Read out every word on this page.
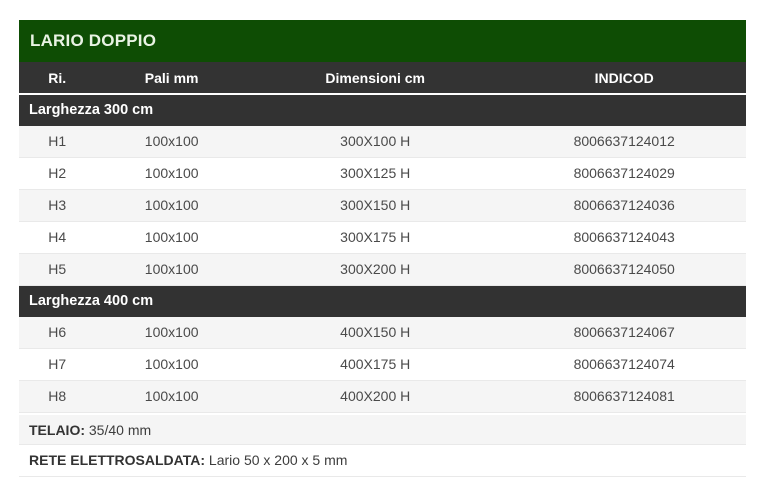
LARIO DOPPIO
Ri.	Pali mm	Dimensioni cm	INDICOD
Larghezza 300 cm
H1	100x100	300X100 H	8006637124012
H2	100x100	300X125 H	8006637124029
H3	100x100	300X150 H	8006637124036
H4	100x100	300X175 H	8006637124043
H5	100x100	300X200 H	8006637124050
Larghezza 400 cm
H6	100x100	400X150 H	8006637124067
H7	100x100	400X175 H	8006637124074
H8	100x100	400X200 H	8006637124081
TELAIO: 35/40 mm
RETE ELETTROSALDATA: Lario 50 x 200 x 5 mm
